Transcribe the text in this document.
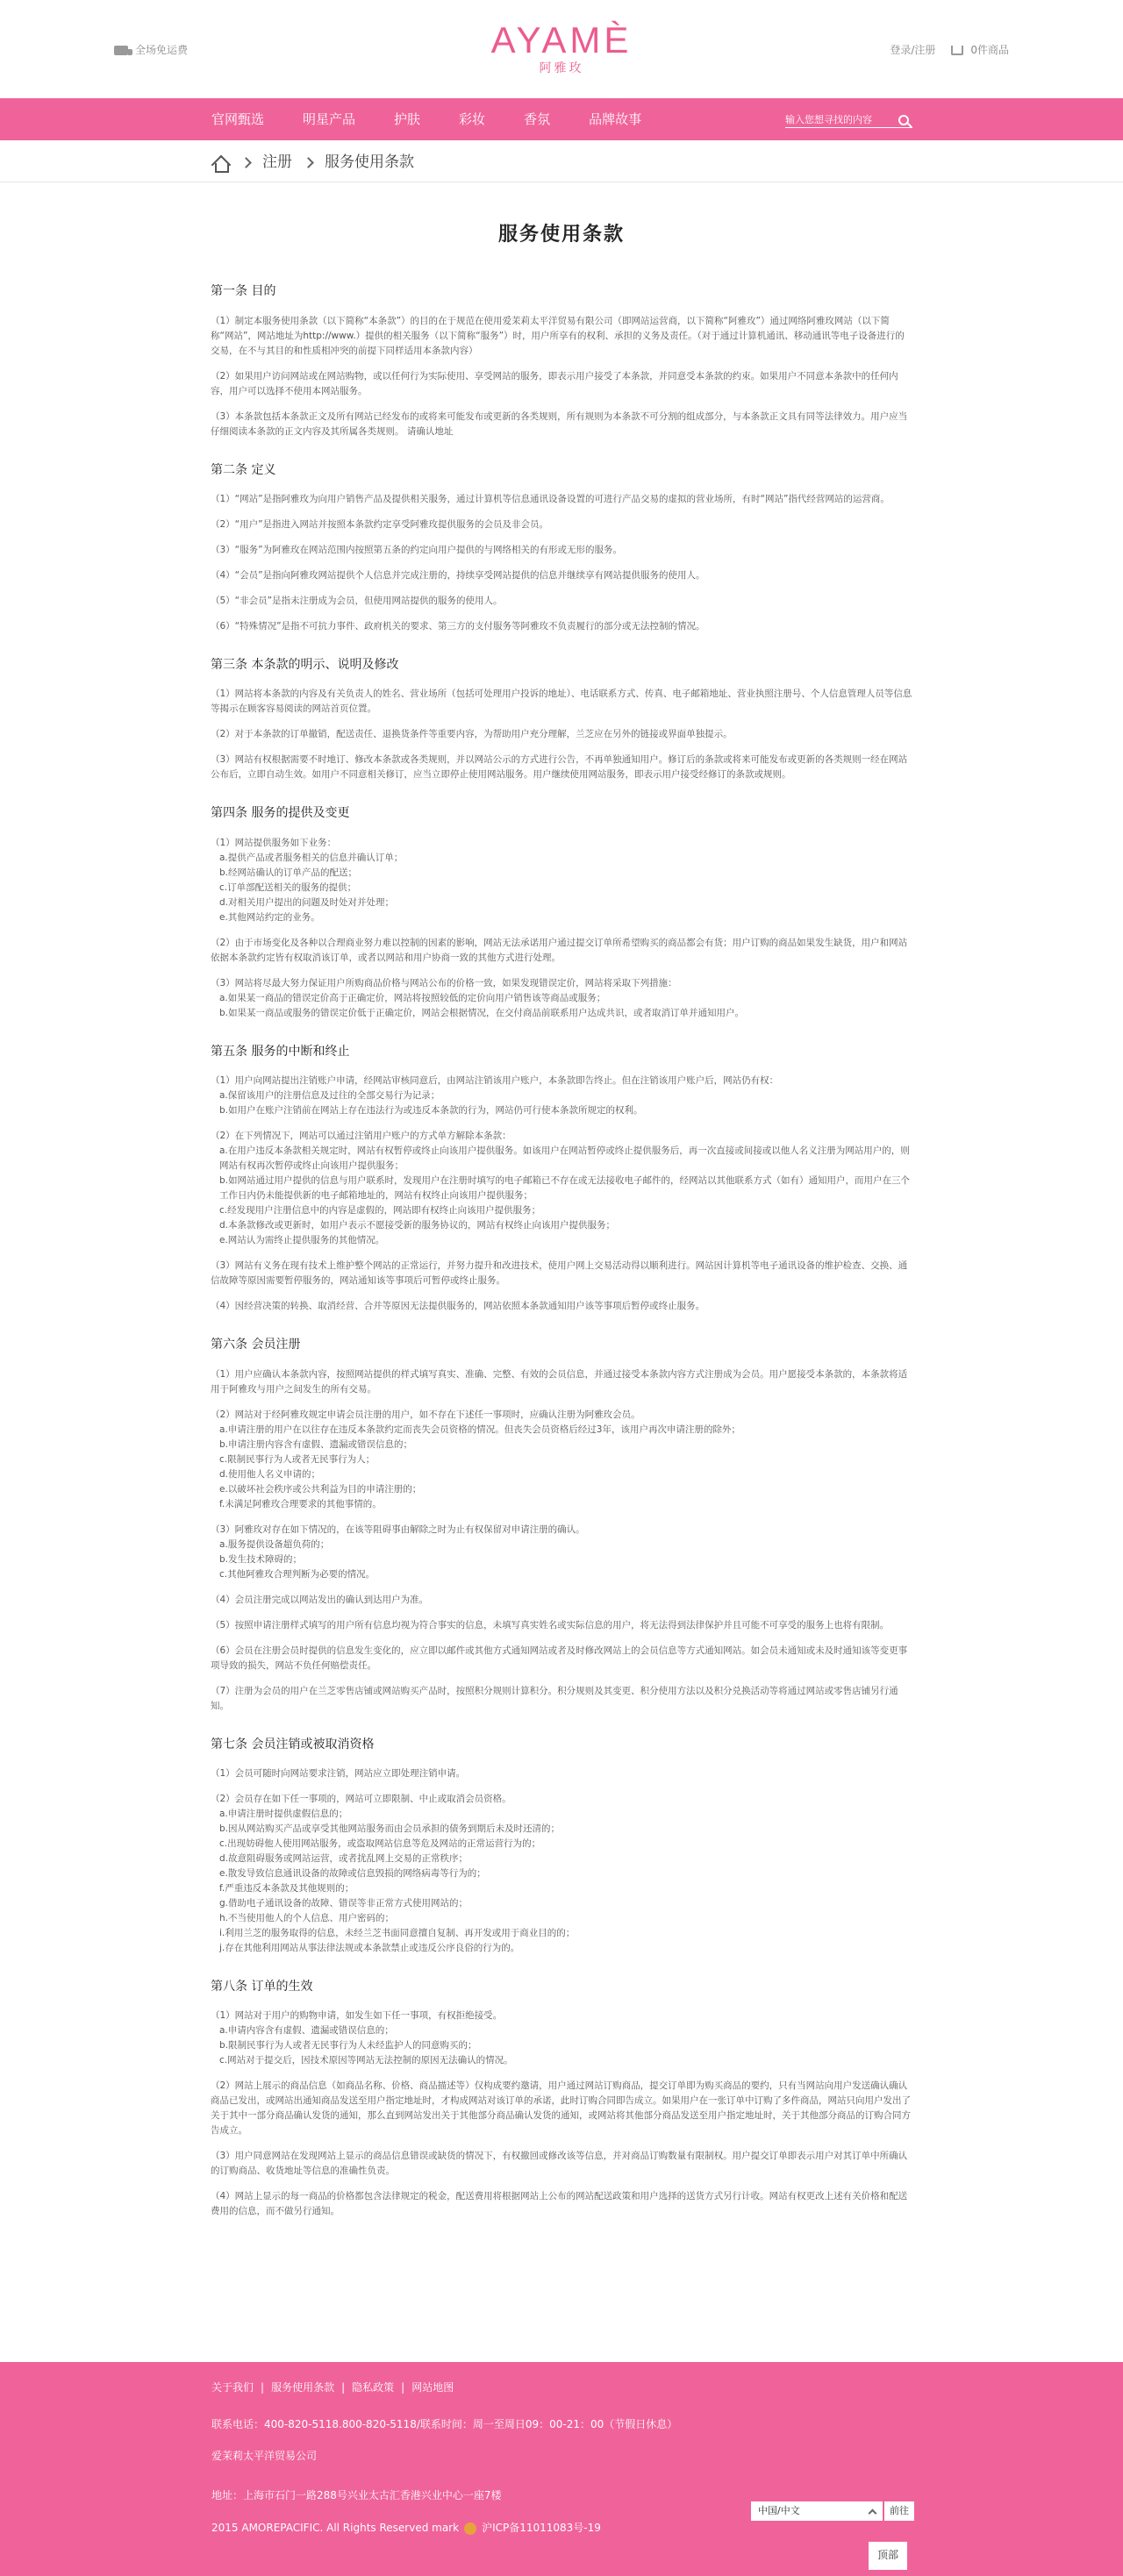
全场免运费	AYAMÈ
阿雅玫
登录/注册	0件商品
官网甄选	明星产品	护肤	彩妆	香氛	品牌故事
输入您想寻找的内容
注册 服务使用条款
服务使用条款
第一条 目的

（1）制定本服务使用条款（以下简称“本条款”）的目的在于规范在使用爱茉莉太平洋贸易有限公司（即网站运营商，以下简称“阿雅玫”）通过网络阿雅玫网站（以下简称“网站”，网站地址为http://www.）提供的相关服务（以下简称“服务”）时，用户所享有的权利、承担的义务及责任。（对于通过计算机通讯、移动通讯等电子设备进行的交易，在不与其目的和性质相冲突的前提下同样适用本条款内容）

（2）如果用户访问网站或在网站购物，或以任何行为实际使用、享受网站的服务，即表示用户接受了本条款，并同意受本条款的约束。如果用户不同意本条款中的任何内容，用户可以选择不使用本网站服务。

（3）本条款包括本条款正文及所有网站已经发布的或将来可能发布或更新的各类规则，所有规则为本条款不可分割的组成部分，与本条款正文具有同等法律效力。用户应当仔细阅读本条款的正文内容及其所属各类规则。 请确认地址

第二条 定义

（1）“网站”是指阿雅玫为向用户销售产品及提供相关服务，通过计算机等信息通讯设备设置的可进行产品交易的虚拟的营业场所，有时“网站”指代经营网站的运营商。

（2）“用户”是指进入网站并按照本条款约定享受阿雅玫提供服务的会员及非会员。

（3）“服务”为阿雅玫在网站范围内按照第五条的约定向用户提供的与网络相关的有形或无形的服务。

（4）“会员”是指向阿雅玫网站提供个人信息并完成注册的，持续享受网站提供的信息并继续享有网站提供服务的使用人。

（5）“非会员”是指未注册成为会员，但使用网站提供的服务的使用人。

（6）“特殊情况”是指不可抗力事件、政府机关的要求、第三方的支付服务等阿雅玫不负责履行的部分或无法控制的情况。

第三条 本条款的明示、说明及修改

（1）网站将本条款的内容及有关负责人的姓名、营业场所（包括可处理用户投诉的地址）、电话联系方式、传真、电子邮箱地址、营业执照注册号、个人信息管理人员等信息等揭示在顾客容易阅读的网站首页位置。

（2）对于本条款的订单撤销，配送责任、退换货条件等重要内容，为帮助用户充分理解，兰芝应在另外的链接或界面单独提示。

（3）网站有权根据需要不时地订、修改本条款或各类规则，并以网站公示的方式进行公告，不再单独通知用户。修订后的条款或将来可能发布或更新的各类规则一经在网站公布后，立即自动生效。如用户不同意相关修订，应当立即停止使用网站服务。用户继续使用网站服务，即表示用户接受经修订的条款或规则。

第四条 服务的提供及变更

（1）网站提供服务如下业务：

a.提供产品或者服务相关的信息并确认订单；
b.经网站确认的订单产品的配送；
c.订单部配送相关的服务的提供；
d.对相关用户提出的问题及时处对并处理；
e.其他网站约定的业务。

（2）由于市场变化及各种以合理商业努力难以控制的因素的影响，网站无法承诺用户通过提交订单所希望购买的商品都会有货；用户订购的商品如果发生缺货，用户和网站依据本条款约定皆有权取消该订单，或者以网站和用户协商一致的其他方式进行处理。

（3）网站将尽最大努力保证用户所购商品价格与网站公布的价格一致，如果发现错误定价，网站将采取下列措施：

a.如果某一商品的错误定价高于正确定价，网站将按照较低的定价向用户销售该等商品或服务；
b.如果某一商品或服务的错误定价低于正确定价，网站会根据情况，在交付商品前联系用户达成共识，或者取消订单并通知用户。

第五条 服务的中断和终止

（1）用户向网站提出注销账户申请，经网站审核同意后，由网站注销该用户账户，本条款即告终止。但在注销该用户账户后，网站仍有权：

a.保留该用户的注册信息及过往的全部交易行为记录；
b.如用户在账户注销前在网站上存在违法行为或违反本条款的行为，网站仍可行使本条款所规定的权利。

（2）在下列情况下，网站可以通过注销用户账户的方式单方解除本条款：

a.在用户违反本条款相关规定时，网站有权暂停或终止向该用户提供服务。如该用户在网站暂停或终止提供服务后，再一次直接或间接或以他人名义注册为网站用户的，则网站有权再次暂停或终止向该用户提供服务；
b.如网站通过用户提供的信息与用户联系时，发现用户在注册时填写的电子邮箱已不存在或无法接收电子邮件的，经网站以其他联系方式（如有）通知用户，而用户在三个工作日内仍未能提供新的电子邮箱地址的，网站有权终止向该用户提供服务；
c.经发现用户注册信息中的内容是虚假的，网站即有权终止向该用户提供服务；
d.本条款修改或更新时，如用户表示不愿接受新的服务协议的，网站有权终止向该用户提供服务；
e.网站认为需终止提供服务的其他情况。

（3）网站有义务在现有技术上维护整个网站的正常运行，并努力提升和改进技术，使用户网上交易活动得以顺利进行。网站因计算机等电子通讯设备的维护检查、交换、通信故障等原因需要暂停服务的，网站通知该等事项后可暂停或终止服务。

（4）因经营决策的转换、取消经营、合并等原因无法提供服务的，网站依照本条款通知用户该等事项后暂停或终止服务。

第六条 会员注册

（1）用户应确认本条款内容，按照网站提供的样式填写真实、准确、完整、有效的会员信息，并通过接受本条款内容方式注册成为会员。用户愿接受本条款的，本条款将适用于阿雅玫与用户之间发生的所有交易。

（2）网站对于经阿雅玫规定申请会员注册的用户，如不存在下述任一事项时，应确认注册为阿雅玫会员。

a.申请注册的用户在以往存在违反本条款约定而丧失会员资格的情况。但丧失会员资格后经过3年，该用户再次申请注册的除外；
b.申请注册内容含有虚假、遗漏或错误信息的；
c.限制民事行为人或者无民事行为人；
d.使用他人名义申请的；
e.以破坏社会秩序或公共利益为目的申请注册的；
f.未满足阿雅玫合理要求的其他事情的。

（3）阿雅玫对存在如下情况的，在该等阻碍事由解除之时为止有权保留对申请注册的确认。

a.服务提供设备超负荷的；
b.发生技术障碍的；
c.其他阿雅玫合理判断为必要的情况。

（4）会员注册完成以网站发出的确认到达用户为准。

（5）按照申请注册样式填写的用户所有信息均视为符合事实的信息，未填写真实姓名或实际信息的用户，将无法得到法律保护并且可能不可享受的服务上也将有限制。

（6）会员在注册会员时提供的信息发生变化的，应立即以邮件或其他方式通知网站或者及时修改网站上的会员信息等方式通知网站。如会员未通知或未及时通知该等变更事项导致的损失，网站不负任何赔偿责任。

（7）注册为会员的用户在兰芝零售店铺或网站购买产品时，按照积分规则计算积分。积分规则及其变更、积分使用方法以及积分兑换活动等将通过网站或零售店铺另行通知。

第七条 会员注销或被取消资格

（1）会员可随时向网站要求注销，网站应立即处理注销申请。

（2）会员存在如下任一事项的，网站可立即限制、中止或取消会员资格。

a.申请注册时提供虚假信息的；
b.因从网站购买产品或享受其他网站服务而由会员承担的债务到期后未及时还清的；
c.出现妨碍他人使用网站服务，或盗取网站信息等危及网站的正常运营行为的；
d.故意阻碍服务或网站运营，或者扰乱网上交易的正常秩序；
e.散发导致信息通讯设备的故障或信息毁损的网络病毒等行为的；
f.严重违反本条款及其他规则的；
g.借助电子通讯设备的故障、错误等非正常方式使用网站的；
h.不当使用他人的个人信息、用户密码的；
i.利用兰芝的服务取得的信息，未经兰芝书面同意擅自复制、再开发或用于商业目的的；
j.存在其他利用网站从事法律法规或本条款禁止或违反公序良俗的行为的。

第八条 订单的生效

（1）网站对于用户的购物申请，如发生如下任一事项，有权拒绝接受。

a.申请内容含有虚假、遗漏或错误信息的；
b.限制民事行为人或者无民事行为人未经监护人的同意购买的；
c.网站对于提交后，因技术原因等网站无法控制的原因无法确认的情况。

（2）网站上展示的商品信息（如商品名称、价格、商品描述等）仅构成要约邀请，用户通过网站订购商品，提交订单即为购买商品的要约，只有当网站向用户发送确认确认商品已发出，或网站出通知商品发送至用户指定地址时，才构成网站对该订单的承诺，此时订购合同即告成立。如果用户在一张订单中订购了多件商品，网站只向用户发出了关于其中一部分商品确认发货的通知，那么直到网站发出关于其他部分商品确认发货的通知，或网站将其他部分商品发送至用户指定地址时，关于其他部分商品的订购合同方告成立。

（3）用户同意网站在发现网站上显示的商品信息错误或缺货的情况下，有权撤回或修改该等信息，并对商品订购数量有限制权。用户提交订单即表示用户对其订单中所确认的订购商品、收货地址等信息的准确性负责。

（4）网站上显示的每一商品的价格都包含法律规定的税金，配送费用将根据网站上公布的网站配送政策和用户选择的送货方式另行计收。网站有权更改上述有关价格和配送费用的信息，而不做另行通知。

关于我们 | 服务使用条款 | 隐私政策 | 网站地图
联系电话：400-820-5118.800-820-5118/联系时间：周一至周日09：00-21：00（节假日休息）
爱茉莉太平洋贸易公司
地址：上海市石门一路288号兴业太古汇香港兴业中心一座7楼
2015 AMOREPACIFIC. All Rights Reserved mark 沪ICP备11011083号-19
中国/中文	前往
顶部
